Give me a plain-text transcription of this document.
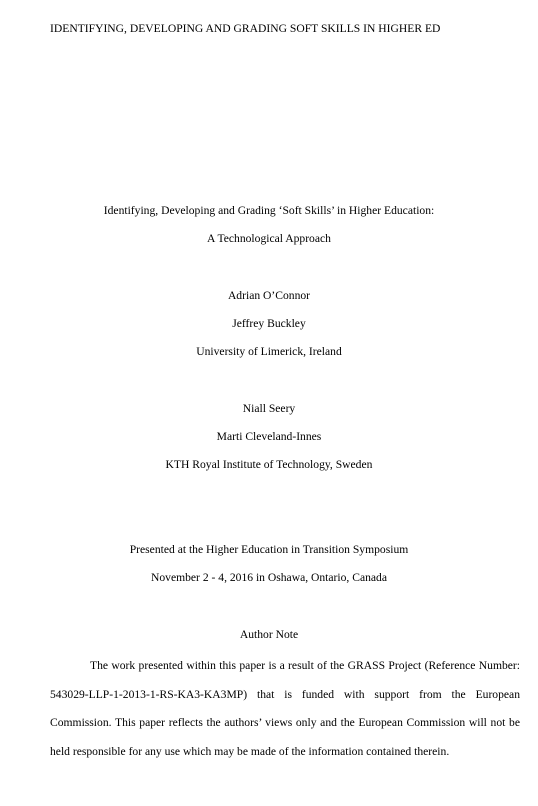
IDENTIFYING, DEVELOPING AND GRADING SOFT SKILLS IN HIGHER ED
Identifying, Developing and Grading ‘Soft Skills’ in Higher Education:
A Technological Approach
Adrian O’Connor
Jeffrey Buckley
University of Limerick, Ireland
Niall Seery
Marti Cleveland-Innes
KTH Royal Institute of Technology, Sweden
Presented at the Higher Education in Transition Symposium
November 2 - 4, 2016 in Oshawa, Ontario, Canada
Author Note

The work presented within this paper is a result of the GRASS Project (Reference Number: 543029-LLP-1-2013-1-RS-KA3-KA3MP) that is funded with support from the European Commission. This paper reflects the authors’ views only and the European Commission will not be held responsible for any use which may be made of the information contained therein.
